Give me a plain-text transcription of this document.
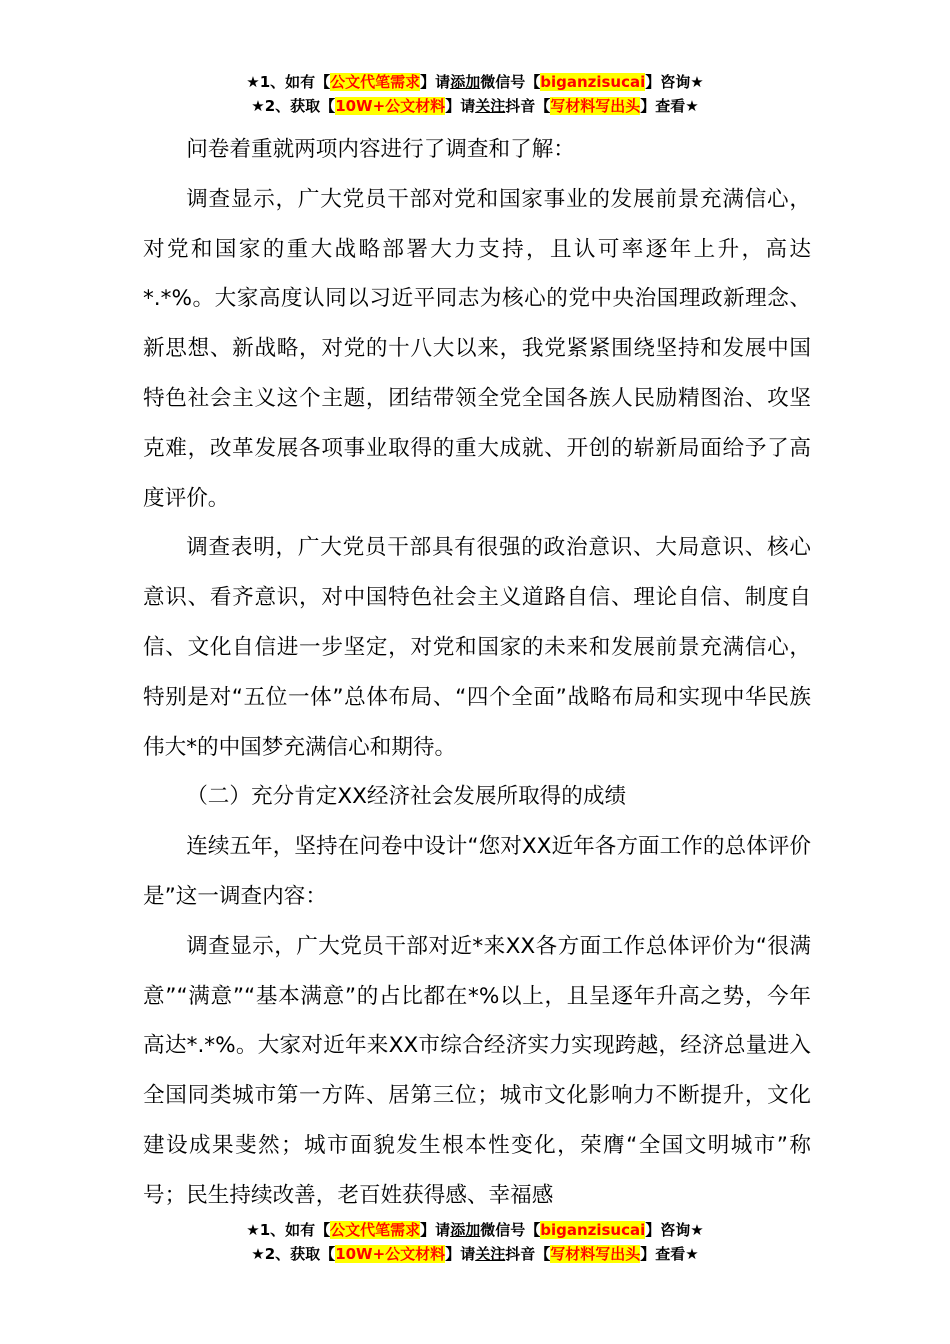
★1、如有【公文代笔需求】请添加微信号【biganzisucai】咨询★
★2、获取【10W+公文材料】请关注抖音【写材料写出头】查看★

问卷着重就两项内容进行了调查和了解：

调查显示，广大党员干部对党和国家事业的发展前景充满信心，对党和国家的重大战略部署大力支持，且认可率逐年上升，高达*.*%。大家高度认同以习近平同志为核心的党中央治国理政新理念、新思想、新战略，对党的十八大以来，我党紧紧围绕坚持和发展中国特色社会主义这个主题，团结带领全党全国各族人民励精图治、攻坚克难，改革发展各项事业取得的重大成就、开创的崭新局面给予了高度评价。

调查表明，广大党员干部具有很强的政治意识、大局意识、核心意识、看齐意识，对中国特色社会主义道路自信、理论自信、制度自信、文化自信进一步坚定，对党和国家的未来和发展前景充满信心，特别是对“五位一体”总体布局、“四个全面”战略布局和实现中华民族伟大*的中国梦充满信心和期待。

（二）充分肯定XX经济社会发展所取得的成绩

连续五年，坚持在问卷中设计“您对XX近年各方面工作的总体评价是”这一调查内容：

调查显示，广大党员干部对近*来XX各方面工作总体评价为“很满意”“满意”“基本满意”的占比都在*%以上，且呈逐年升高之势，今年高达*.*%。大家对近年来XX市综合经济实力实现跨越，经济总量进入全国同类城市第一方阵、居第三位；城市文化影响力不断提升，文化建设成果斐然；城市面貌发生根本性变化，荣膺“全国文明城市”称号；民生持续改善，老百姓获得感、幸福感

★1、如有【公文代笔需求】请添加微信号【biganzisucai】咨询★
★2、获取【10W+公文材料】请关注抖音【写材料写出头】查看★
